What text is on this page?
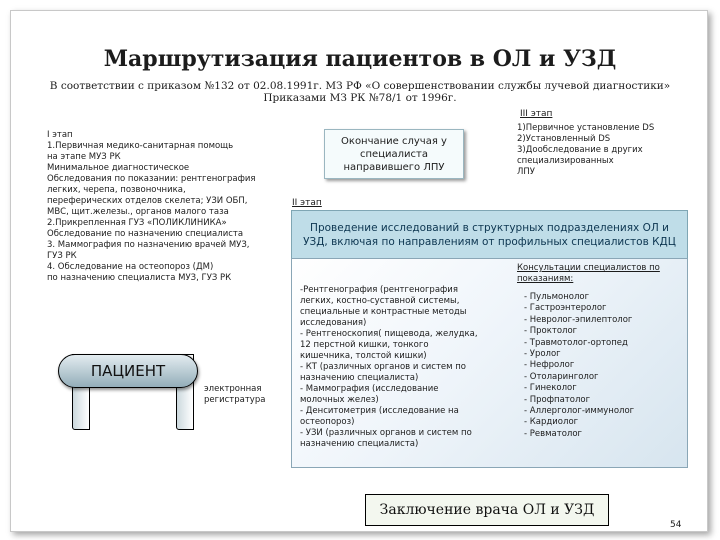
Маршрутизация пациентов в ОЛ и УЗД
В соответствии с приказом №132 от 02.08.1991г. МЗ РФ «О совершенствовании службы лучевой диагностики»
Приказами МЗ РК №78/1 от 1996г.
I этап
1.Первичная медико-санитарная помощь
на этапе МУЗ РК
Минимальное диагностическое
Обследования по показании: рентгенография
легких, черепа, позвоночника,
переферических отделов скелета; УЗИ ОБП,
МВС, щит.железы., органов малого таза
2.Прикрепленная ГУЗ «ПОЛИКЛИНИКА»
Обследование по назначению специалиста
3. Маммография по назначению врачей МУЗ,
ГУЗ РК
4. Обследование на остеопороз (ДМ)
по назначению специалиста МУЗ, ГУЗ РК
Окончание случая у
специалиста
направившего ЛПУ
III этап
1)Первичное установление DS
2)Установленный DS
3)Дообследование в других
специализированных
ЛПУ
II этап
Проведение исследований в структурных подразделениях ОЛ и
УЗД, включая по направлениям от профильных специалистов КДЦ
-Рентгенография (рентгенография
легких, костно-суставной системы,
специальные и контрастные методы
исследования)
- Рентгеноскопия( пищевода, желудка,
12 перстной кишки, тонкого
кишечника, толстой кишки)
- КТ (различных органов и систем по
назначению специалиста)
- Маммография (исследование
молочных желез)
- Денситометрия (исследование на
остеопороз)
- УЗИ (различных органов и систем по
назначению специалиста)
Консультации специалистов по
показаниям:
- Пульмонолог
- Гастроэнтеролог
- Невролог-эпилептолог
- Проктолог
- Травмотолог-ортопед
- Уролог
- Нефролог
- Отоларинголог
- Гинеколог
- Профпатолог
- Аллерголог-иммунолог
- Кардиолог
- Ревматолог
ПАЦИЕНТ
электронная
регистратура
Заключение врача ОЛ и УЗД
54
